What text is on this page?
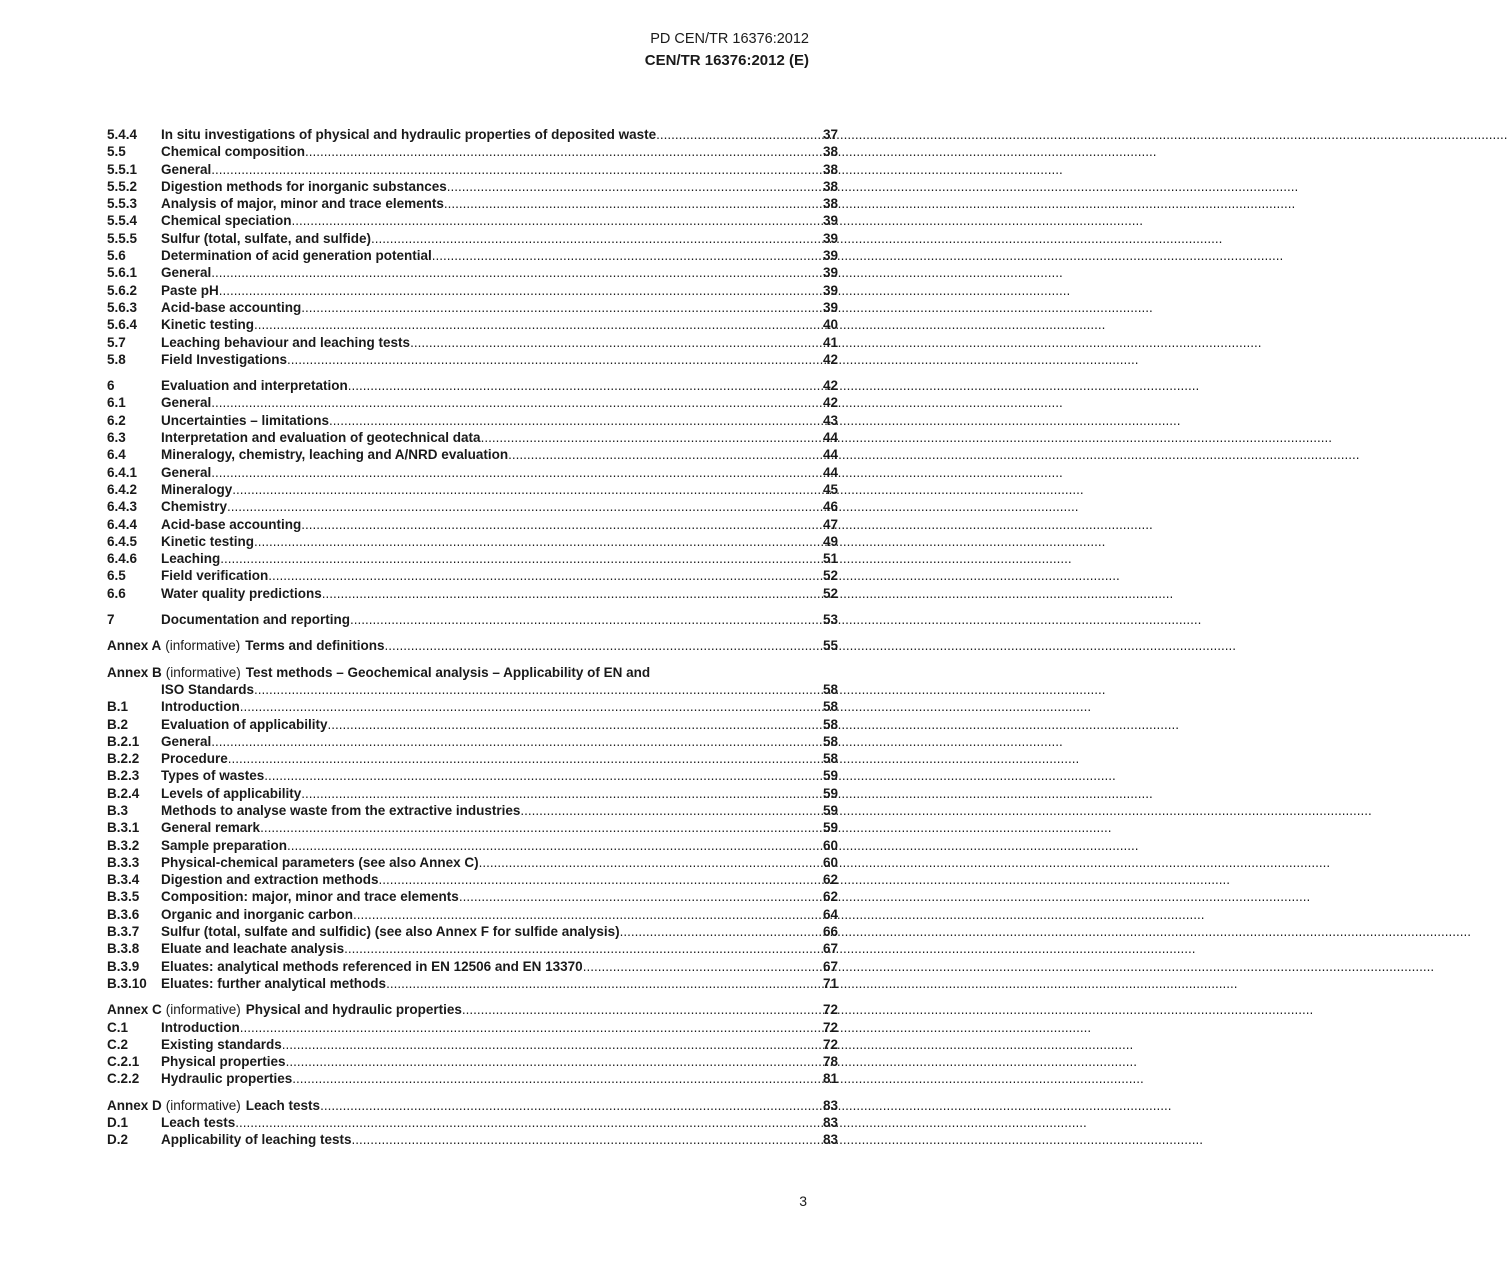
PD CEN/TR 16376:2012
CEN/TR 16376:2012 (E)
5.4.4	In situ investigations of physical and hydraulic properties of deposited waste .....	37
5.5	Chemical composition .....	38
5.5.1	General .....	38
5.5.2	Digestion methods for inorganic substances .....	38
5.5.3	Analysis of major, minor and trace elements .....	38
5.5.4	Chemical speciation .....	39
5.5.5	Sulfur (total, sulfate, and sulfide) .....	39
5.6	Determination of acid generation potential .....	39
5.6.1	General .....	39
5.6.2	Paste pH .....	39
5.6.3	Acid-base accounting .....	39
5.6.4	Kinetic testing .....	40
5.7	Leaching behaviour and leaching tests .....	41
5.8	Field Investigations .....	42
6	Evaluation and interpretation .....	42
6.1	General .....	42
6.2	Uncertainties – limitations .....	43
6.3	Interpretation and evaluation of geotechnical data .....	44
6.4	Mineralogy, chemistry, leaching and A/NRD evaluation .....	44
6.4.1	General .....	44
6.4.2	Mineralogy .....	45
6.4.3	Chemistry .....	46
6.4.4	Acid-base accounting .....	47
6.4.5	Kinetic testing .....	49
6.4.6	Leaching .....	51
6.5	Field verification .....	52
6.6	Water quality predictions .....	52
7	Documentation and reporting .....	53
Annex A (informative) Terms and definitions .....	55
Annex B (informative) Test methods – Geochemical analysis – Applicability of EN and
ISO Standards .....	58
B.1	Introduction .....	58
B.2	Evaluation of applicability .....	58
B.2.1	General .....	58
B.2.2	Procedure .....	58
B.2.3	Types of wastes .....	59
B.2.4	Levels of applicability .....	59
B.3	Methods to analyse waste from the extractive industries .....	59
B.3.1	General remark .....	59
B.3.2	Sample preparation .....	60
B.3.3	Physical-chemical parameters (see also Annex C) .....	60
B.3.4	Digestion and extraction methods .....	62
B.3.5	Composition: major, minor and trace elements .....	62
B.3.6	Organic and inorganic carbon .....	64
B.3.7	Sulfur (total, sulfate and sulfidic) (see also Annex F for sulfide analysis) .....	66
B.3.8	Eluate and leachate analysis .....	67
B.3.9	Eluates: analytical methods referenced in EN 12506 and EN 13370 .....	67
B.3.10	Eluates: further analytical methods .....	71
Annex C (informative) Physical and hydraulic properties .....	72
C.1	Introduction .....	72
C.2	Existing standards .....	72
C.2.1	Physical properties .....	78
C.2.2	Hydraulic properties .....	81
Annex D (informative) Leach tests .....	83
D.1	Leach tests .....	83
D.2	Applicability of leaching tests .....	83
3
